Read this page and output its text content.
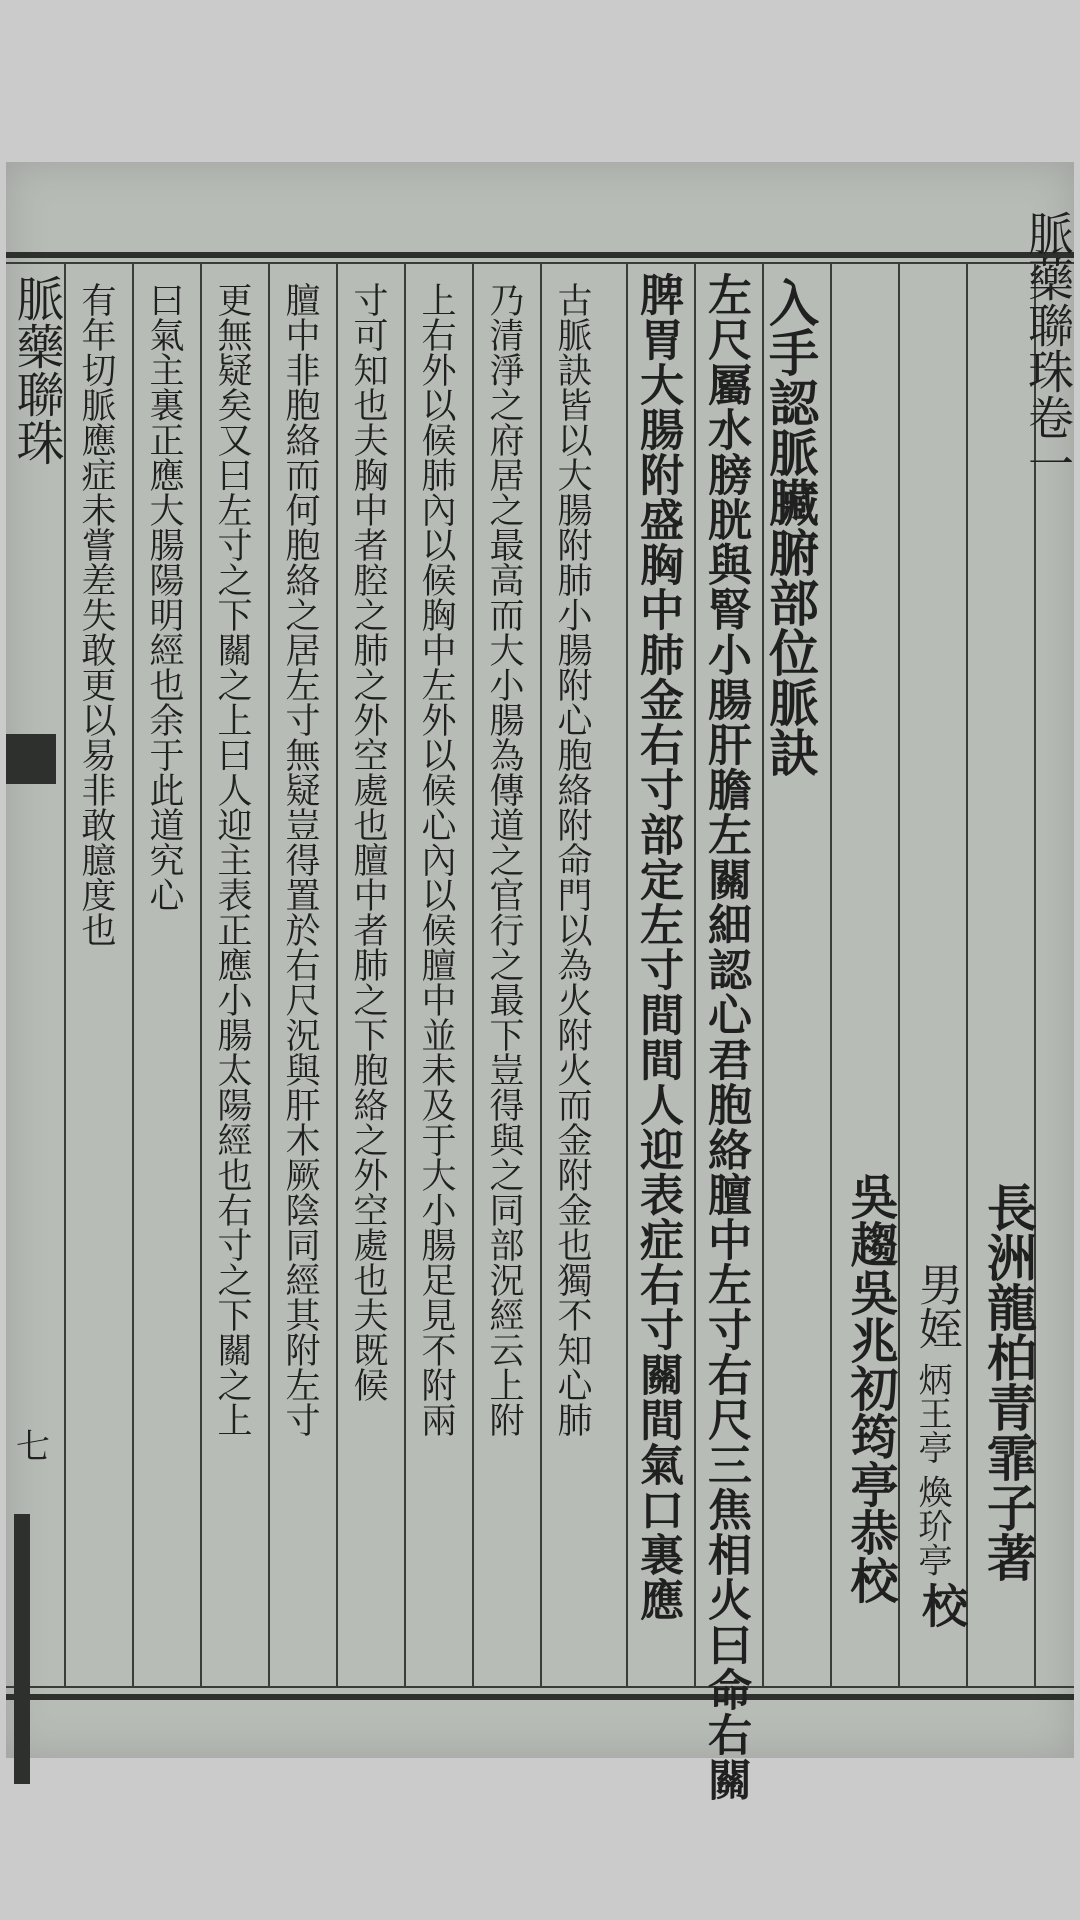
脈藥聯珠
七
脈藥聯珠卷一
長洲龍柏青霏子著
男姪
炳王亭 煥玠亭
校
吳趨吳兆初筠亭恭校
入手認脈臟腑部位脈訣
左尺屬水膀胱與腎小腸肝膽左關細認心君胞絡膻中左寸右尺三焦相火曰命右關
脾胃大腸附盛胸中肺金右寸部定左寸間間人迎表症右寸關間氣口裏應
古脈訣皆以大腸附肺小腸附心胞絡附命門以為火附火而金附金也獨不知心肺
乃清淨之府居之最高而大小腸為傳道之官行之最下豈得與之同部況經云上附
上右外以候肺內以候胸中左外以候心內以候膻中並未及于大小腸足見不附兩
寸可知也夫胸中者腔之肺之外空處也膻中者肺之下胞絡之外空處也夫既候
膻中非胞絡而何胞絡之居左寸無疑豈得置於右尺況與肝木厥陰同經其附左寸
更無疑矣又曰左寸之下關之上曰人迎主表正應小腸太陽經也右寸之下關之上
曰氣主裏正應大腸陽明經也余于此道究心
有年切脈應症未嘗差失敢更以易非敢臆度也
